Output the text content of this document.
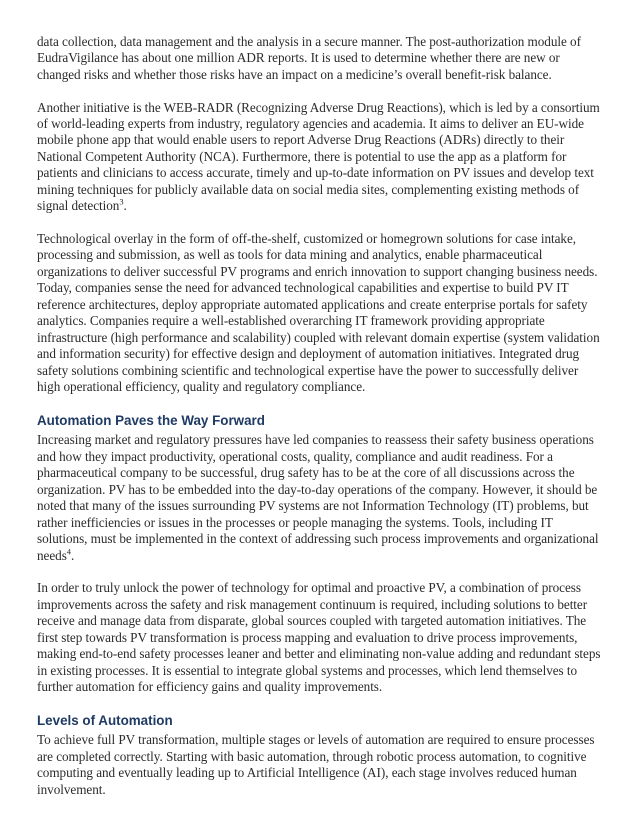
data collection, data management and the analysis in a secure manner. The post-authorization module of EudraVigilance has about one million ADR reports. It is used to determine whether there are new or changed risks and whether those risks have an impact on a medicine’s overall benefit-risk balance.

Another initiative is the WEB-RADR (Recognizing Adverse Drug Reactions), which is led by a consortium of world-leading experts from industry, regulatory agencies and academia. It aims to deliver an EU-wide mobile phone app that would enable users to report Adverse Drug Reactions (ADRs) directly to their National Competent Authority (NCA). Furthermore, there is potential to use the app as a platform for patients and clinicians to access accurate, timely and up-to-date information on PV issues and develop text mining techniques for publicly available data on social media sites, complementing existing methods of signal detection$^3$.

Technological overlay in the form of off-the-shelf, customized or homegrown solutions for case intake, processing and submission, as well as tools for data mining and analytics, enable pharmaceutical organizations to deliver successful PV programs and enrich innovation to support changing business needs. Today, companies sense the need for advanced technological capabilities and expertise to build PV IT reference architectures, deploy appropriate automated applications and create enterprise portals for safety analytics. Companies require a well-established overarching IT framework providing appropriate infrastructure (high performance and scalability) coupled with relevant domain expertise (system validation and information security) for effective design and deployment of automation initiatives. Integrated drug safety solutions combining scientific and technological expertise have the power to successfully deliver high operational efficiency, quality and regulatory compliance.

Automation Paves the Way Forward

Increasing market and regulatory pressures have led companies to reassess their safety business operations and how they impact productivity, operational costs, quality, compliance and audit readiness. For a pharmaceutical company to be successful, drug safety has to be at the core of all discussions across the organization. PV has to be embedded into the day-to-day operations of the company. However, it should be noted that many of the issues surrounding PV systems are not Information Technology (IT) problems, but rather inefficiencies or issues in the processes or people managing the systems. Tools, including IT solutions, must be implemented in the context of addressing such process improvements and organizational needs$^4$.

In order to truly unlock the power of technology for optimal and proactive PV, a combination of process improvements across the safety and risk management continuum is required, including solutions to better receive and manage data from disparate, global sources coupled with targeted automation initiatives. The first step towards PV transformation is process mapping and evaluation to drive process improvements, making end-to-end safety processes leaner and better and eliminating non-value adding and redundant steps in existing processes. It is essential to integrate global systems and processes, which lend themselves to further automation for efficiency gains and quality improvements.

Levels of Automation

To achieve full PV transformation, multiple stages or levels of automation are required to ensure processes are completed correctly. Starting with basic automation, through robotic process automation, to cognitive computing and eventually leading up to Artificial Intelligence (AI), each stage involves reduced human involvement.
